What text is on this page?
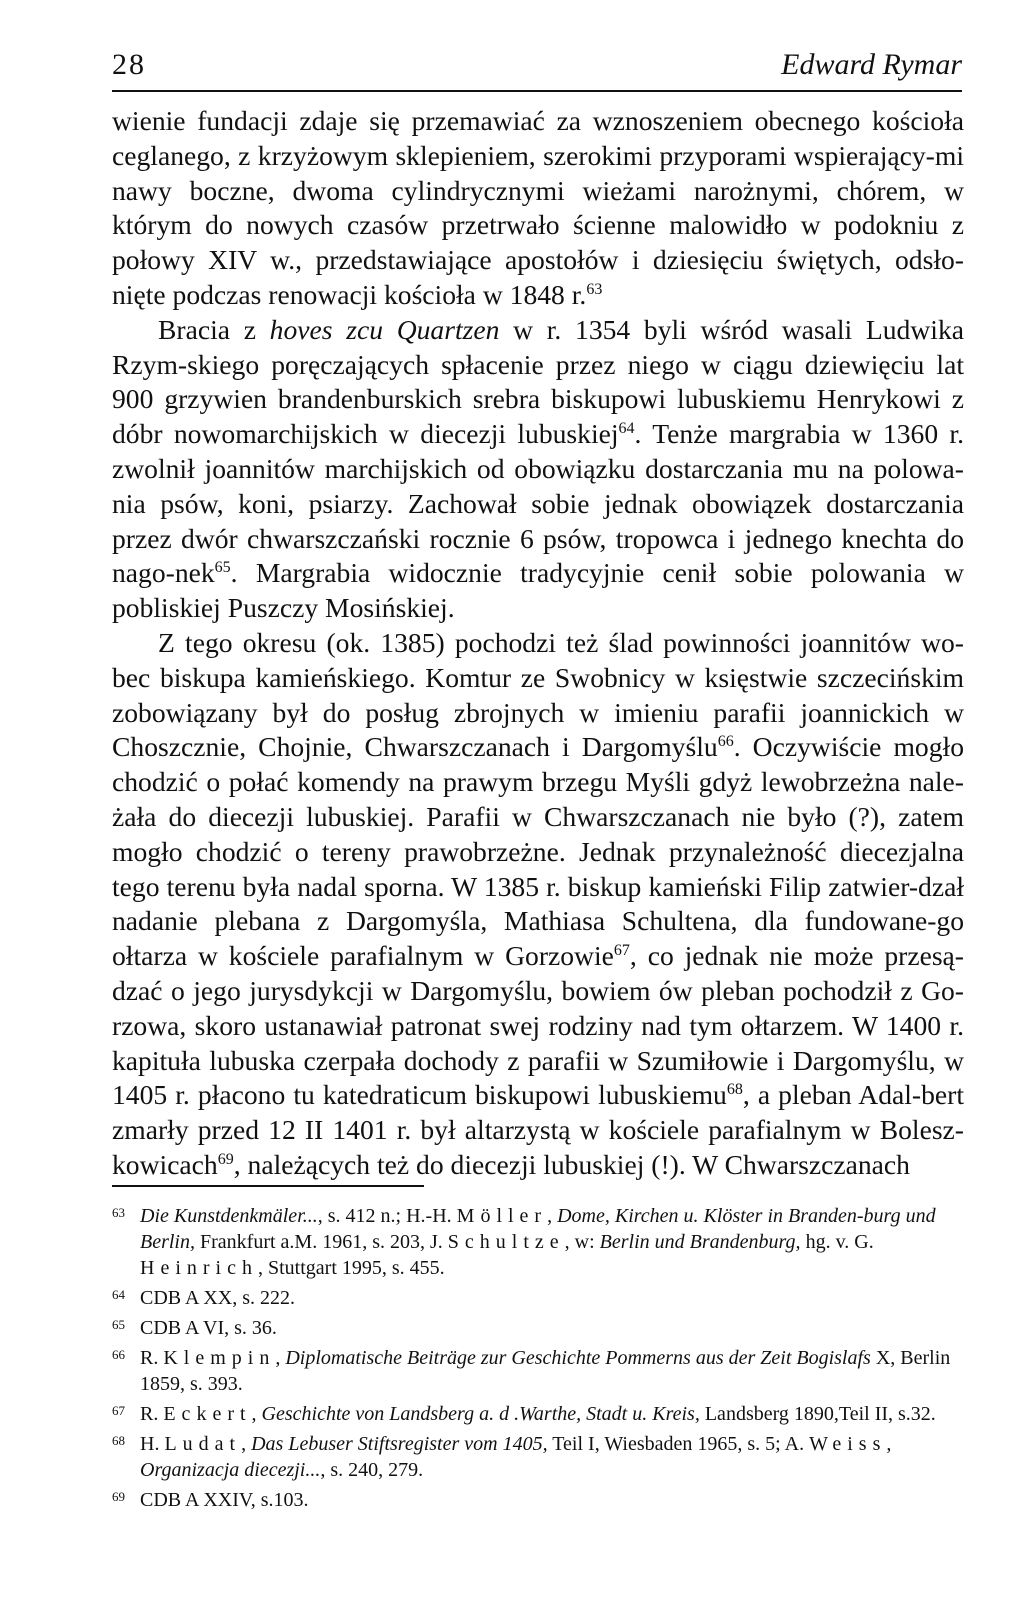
28	Edward Rymar

wienie fundacji zdaje się przemawiać za wznoszeniem obecnego kościoła ceglanego, z krzyżowym sklepieniem, szerokimi przyporami wspierający-mi nawy boczne, dwoma cylindrycznymi wieżami narożnymi, chórem, w którym do nowych czasów przetrwało ścienne malowidło w podokniu z połowy XIV w., przedstawiające apostołów i dziesięciu świętych, odsło-nięte podczas renowacji kościoła w 1848 r.$^{63}$

Bracia z hoves zcu Quartzen w r. 1354 byli wśród wasali Ludwika Rzym-skiego poręczających spłacenie przez niego w ciągu dziewięciu lat 900 grzywien brandenburskich srebra biskupowi lubuskiemu Henrykowi z dóbr nowomarchijskich w diecezji lubuskiej$^{64}$. Tenże margrabia w 1360 r. zwolnił joannitów marchijskich od obowiązku dostarczania mu na polowa-nia psów, koni, psiarzy. Zachował sobie jednak obowiązek dostarczania przez dwór chwarszczański rocznie 6 psów, tropowca i jednego knechta do nago-nek$^{65}$. Margrabia widocznie tradycyjnie cenił sobie polowania w pobliskiej Puszczy Mosińskiej.

Z tego okresu (ok. 1385) pochodzi też ślad powinności joannitów wo-bec biskupa kamieńskiego. Komtur ze Swobnicy w księstwie szczecińskim zobowiązany był do posług zbrojnych w imieniu parafii joannickich w Choszcznie, Chojnie, Chwarszczanach i Dargomyślu$^{66}$. Oczywiście mogło chodzić o połać komendy na prawym brzegu Myśli gdyż lewobrzeżna nale-żała do diecezji lubuskiej. Parafii w Chwarszczanach nie było (?), zatem mogło chodzić o tereny prawobrzeżne. Jednak przynależność diecezjalna tego terenu była nadal sporna. W 1385 r. biskup kamieński Filip zatwier-dzał nadanie plebana z Dargomyśla, Mathiasa Schultena, dla fundowane-go ołtarza w kościele parafialnym w Gorzowie$^{67}$, co jednak nie może przesą-dzać o jego jurysdykcji w Dargomyślu, bowiem ów pleban pochodził z Go-rzowa, skoro ustanawiał patronat swej rodziny nad tym ołtarzem. W 1400 r. kapituła lubuska czerpała dochody z parafii w Szumiłowie i Dargomyślu, w 1405 r. płacono tu katedraticum biskupowi lubuskiemu$^{68}$, a pleban Adal-bert zmarły przed 12 II 1401 r. był altarzystą w kościele parafialnym w Bolesz-kowicach$^{69}$, należących też do diecezji lubuskiej (!). W Chwarszczanach

63 Die Kunstdenkmäler..., s. 412 n.; H.-H. Möller, Dome, Kirchen u. Klöster in Branden-burg und Berlin, Frankfurt a.M. 1961, s. 203, J. Schultze, w: Berlin und Brandenburg, hg. v. G. Heinrich, Stuttgart 1995, s. 455.
64 CDB A XX, s. 222.
65 CDB A VI, s. 36.
66 R. Klempin, Diplomatische Beiträge zur Geschichte Pommerns aus der Zeit Bogislafs X, Berlin 1859, s. 393.
67 R. Eckert, Geschichte von Landsberg a. d .Warthe, Stadt u. Kreis, Landsberg 1890,Teil II, s.32.
68 H. Ludat, Das Lebuser Stiftsregister vom 1405, Teil I, Wiesbaden 1965, s. 5; A. Weiss, Organizacja diecezji..., s. 240, 279.
69 CDB A XXIV, s.103.
